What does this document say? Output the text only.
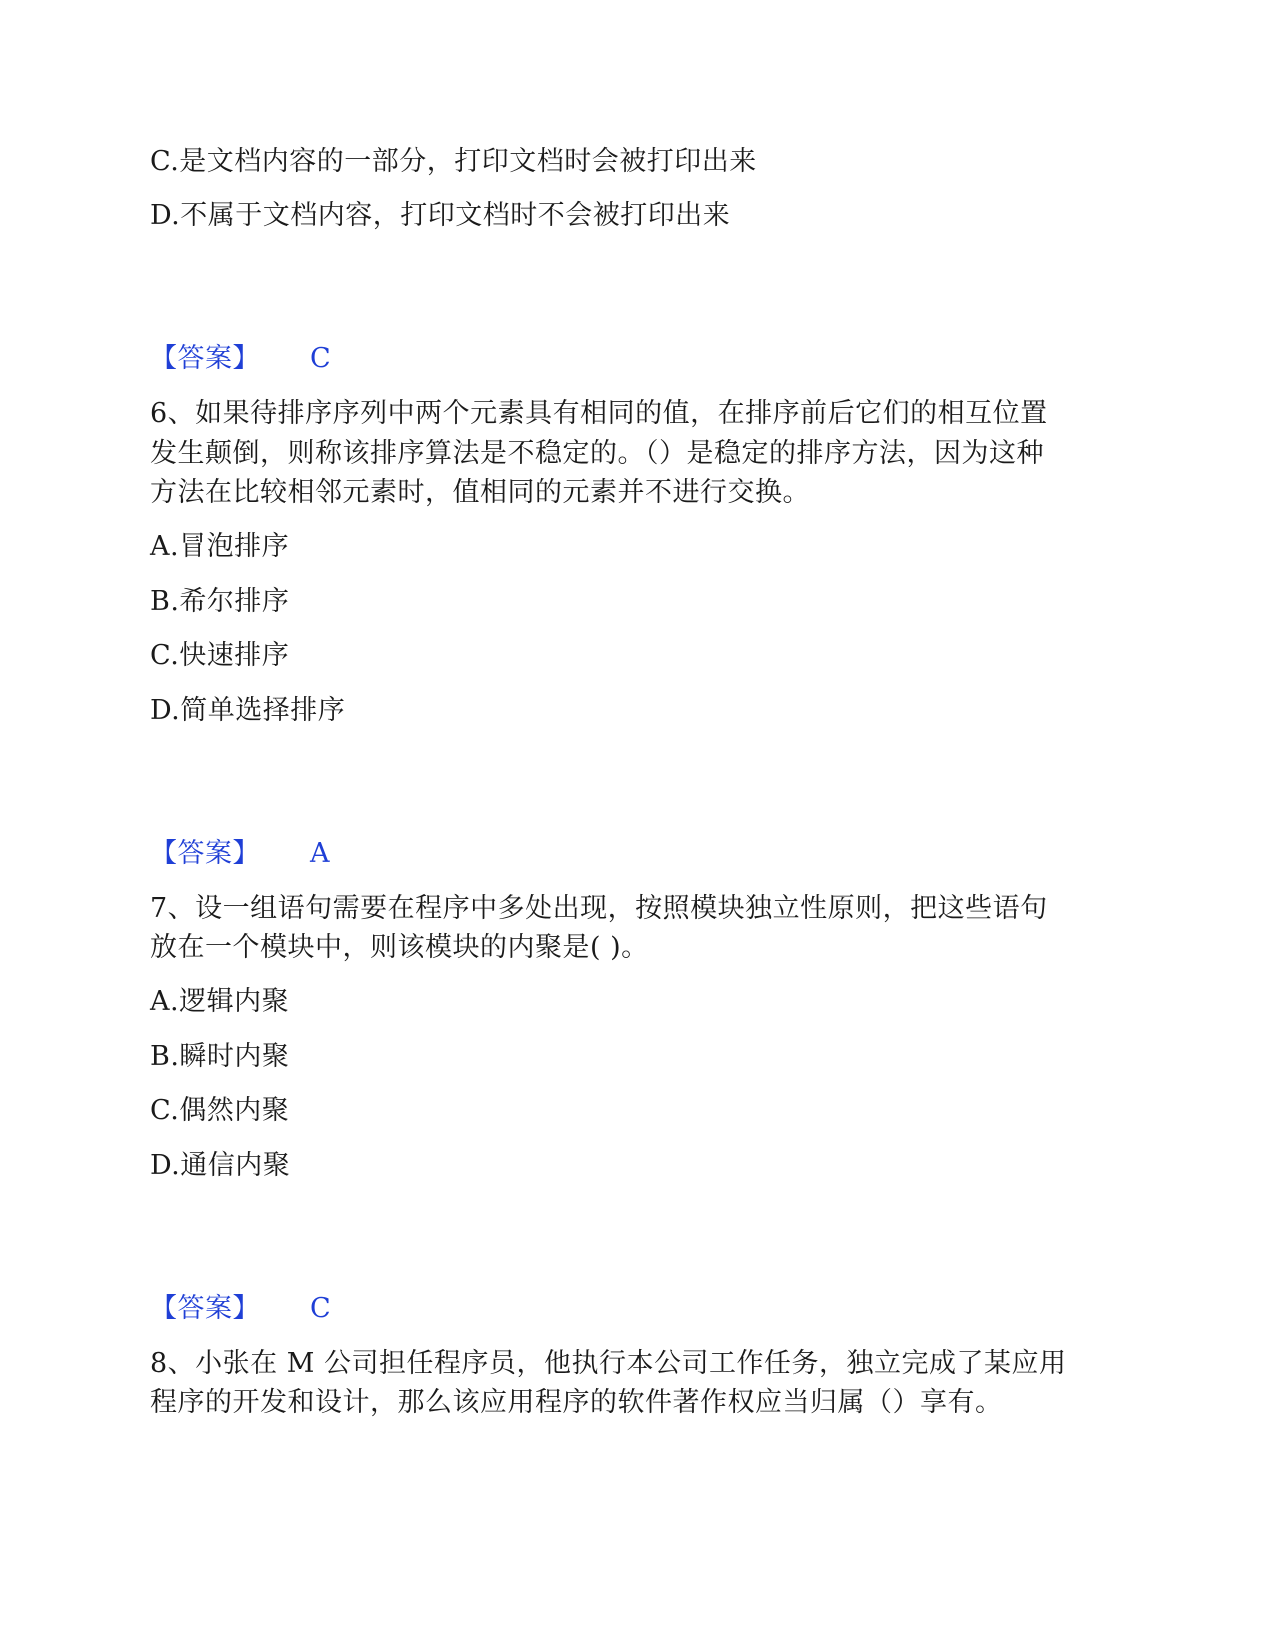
C.是文档内容的一部分，打印文档时会被打印出来
D.不属于文档内容，打印文档时不会被打印出来
【答案】 C
6、如果待排序序列中两个元素具有相同的值，在排序前后它们的相互位置
发生颠倒，则称该排序算法是不稳定的。（）是稳定的排序方法，因为这种
方法在比较相邻元素时，值相同的元素并不进行交换。
A.冒泡排序
B.希尔排序
C.快速排序
D.简单选择排序
【答案】 A
7、设一组语句需要在程序中多处出现，按照模块独立性原则，把这些语句
放在一个模块中，则该模块的内聚是( )。
A.逻辑内聚
B.瞬时内聚
C.偶然内聚
D.通信内聚
【答案】 C
8、小张在 M 公司担任程序员，他执行本公司工作任务，独立完成了某应用
程序的开发和设计，那么该应用程序的软件著作权应当归属（）享有。
